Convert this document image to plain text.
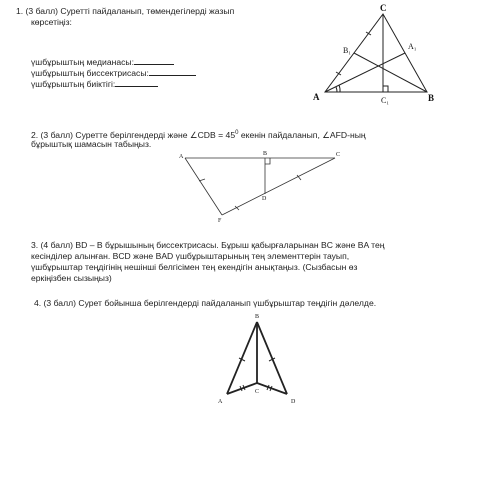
1. (3 балл) Суретті пайдаланып, төмендегілерді жазып
көрсетіңіз:
үшбұрыштың медианасы:
үшбұрыштың биссектрисасы:
үшбұрыштың биіктігі:
A	B
C
A₁
B₁
C₁
2. (3 балл) Суретте берілгендерді және ∠CDB = $45^0$ екенін пайдаланып, ∠AFD-ның
бұрыштық шамасын табыңыз.
A	B	C
D
F
3. (4 балл) BD – B бұрышының биссектрисасы. Бұрыш қабырғаларынан BC және BA тең
кесінділер алынған. BCD және BAD үшбұрыштарының тең элементтерін тауып,
үшбұрыштар теңдігінің нешінші белгісімен тең екендігін анықтаңыз. (Сызбасын өз
еркіңізбен сызыңыз)
4. (3 балл) Сурет бойынша берілгендерді пайдаланып үшбұрыштар теңдігін дәлелде.
B
A
C
D
